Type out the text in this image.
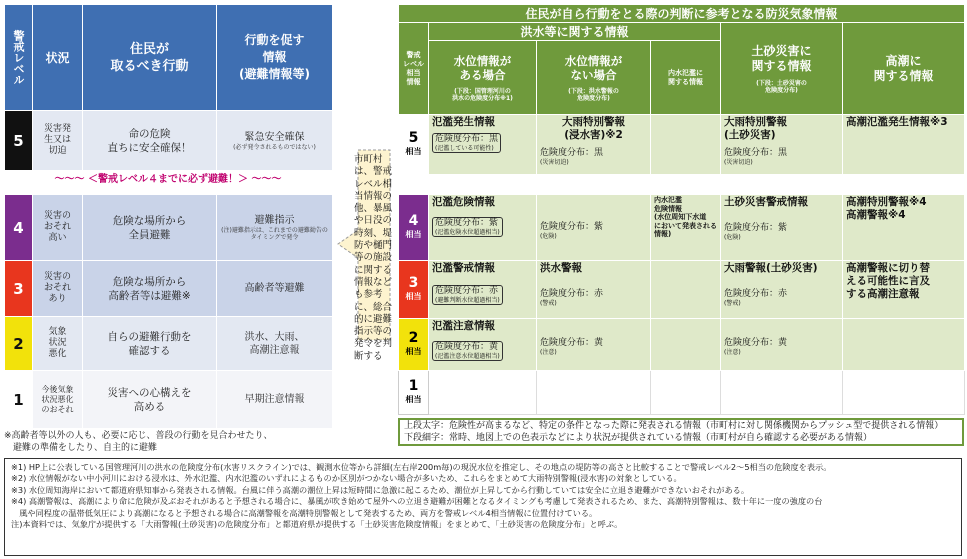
警戒レベル	状況	住民が
取るべき行動	行動を促す
情報
(避難情報等)
5	災害発
生又は
切迫	命の危険
直ちに安全確保！	緊急安全確保
(必ず発令されるものではない)

4	災害の
おそれ
高い	危険な場所から
全員避難	避難指示
(注)避難指示は、これまでの避難勧告の
タイミングで発令

3	災害の
おそれ
あり	危険な場所から
高齢者等は避難※	高齢者等避難
2	気象
状況
悪化	自らの避難行動を
確認する	洪水、大雨、
高潮注意報
1	今後気象
状況悪化
のおそれ	災害への心構えを
高める	早期注意情報
〜〜〜 ＜警戒レベル４までに必ず避難！＞ 〜〜〜
※高齢者等以外の人も、必要に応じ、普段の行動を見合わせたり、
　避難の準備をしたり、自主的に避難
市町村は、警戒レベル相当情報の他、暴風や日没の時刻、堤防や樋門等の施設に関する情報なども参考に、総合的に避難指示等の発令を判断する
住民が自ら行動をとる際の判断に参考となる防災気象情報					
警戒
レベル
相当
情報	洪水等に関する情報			土砂災害に
関する情報
(下段：土砂災害の
危険度分布)	高潮に
関する情報
	水位情報が
ある場合
(下段：国管理河川の
洪水の危険度分布※1)	水位情報が
ない場合
(下段：洪水警報の
危険度分布)	内水氾濫に
関する情報		
5
相当	氾濫発生情報
危険度分布：黒
(氾濫している可能性)	大雨特別警報
(浸水害)※2
危険度分布：黒
(災害切迫)		大雨特別警報
(土砂災害)
危険度分布：黒
(災害切迫)	高潮氾濫発生情報※3

4
相当	氾濫危険情報
危険度分布：紫
(氾濫危険水位超過相当)	危険度分布：紫
(危険)	内水氾濫
危険情報
(水位周知下水道
において発表される
情報)	土砂災害警戒情報
危険度分布：紫
(危険)	高潮特別警報※4
高潮警報※4
3
相当	氾濫警戒情報
危険度分布：赤
(避難判断水位超過相当)	洪水警報
危険度分布：赤
(警戒)		大雨警報(土砂災害)
危険度分布：赤
(警戒)	高潮警報に切り替
える可能性に言及
する高潮注意報
2
相当	氾濫注意情報
危険度分布：黄
(氾濫注意水位超過相当)	危険度分布：黄
(注意)		危険度分布：黄
(注意)	

1
相当					
上段太字：危険性が高まるなど、特定の条件となった際に発表される情報（市町村に対し関係機関からプッシュ型で提供される情報）
下段細字：常時、地図上での色表示などにより状況が提供されている情報（市町村が自ら確認する必要がある情報）
※1) HP上に公表している国管理河川の洪水の危険度分布(水害リスクライン)では、観測水位等から詳細(左右岸200m毎)の現況水位を推定し、その地点の堤防等の高さと比較することで警戒レベル2〜5相当の危険度を表示。
※2) 水位情報がない中小河川における浸水は、外水氾濫、内水氾濫のいずれによるものか区別がつかない場合が多いため、これらをまとめて大雨特別警報(浸水害)の対象としている。
※3) 水位周知海岸において都道府県知事から発表される情報。台風に伴う高潮の潮位上昇は短時間に急激に起こるため、潮位が上昇してから行動していては安全に立退き避難ができないおそれがある。
※4) 高潮警報は、高潮により命に危険が及ぶおそれがあると予想される場合に、暴風が吹き始めて屋外への立退き避難が困難となるタイミングも考慮して発表されるため、また、高潮特別警報は、数十年に一度の強度の台
　風や同程度の温帯低気圧により高潮になると予想される場合に高潮警報を高潮特別警報として発表するため、両方を警戒レベル4相当情報に位置付けている。
注)本資料では、気象庁が提供する「大雨警報(土砂災害)の危険度分布」と都道府県が提供する「土砂災害危険度情報」をまとめて、「土砂災害の危険度分布」と呼ぶ。
